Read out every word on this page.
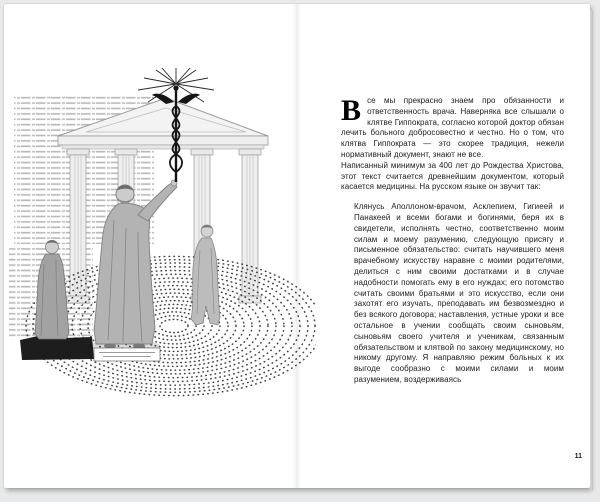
Все мы прекрасно знаем про обязанности и ответственность врача. Наверняка все слышали о клятве Гиппократа, согласно которой доктор обязан лечить больного добросовестно и честно. Но о том, что клятва Гиппократа — это скорее традиция, нежели нормативный документ, знают не все.

Написанный минимум за 400 лет до Рождества Христова, этот текст считается древнейшим документом, который касается медицины. На русском языке он звучит так:

Клянусь Аполлоном-врачом, Асклепием, Гигиеей и Панакеей и всеми богами и богинями, беря их в свидетели, исполнять честно, соответственно моим силам и моему разумению, следующую присягу и письменное обязательство: считать научившего меня врачебному искусству наравне с моими родителями, делиться с ним своими достатками и в случае надобности помогать ему в его нуждах; его потомство считать своими братьями и это искусство, если они захотят его изучать, преподавать им безвозмездно и без всякого договора; наставления, устные уроки и все остальное в учении сообщать своим сыновьям, сыновьям своего учителя и ученикам, связанным обязательством и клятвой по закону медицинскому, но никому другому. Я направляю режим больных к их выгоде сообразно с моими силами и моим разумением, воздерживаясь

11
